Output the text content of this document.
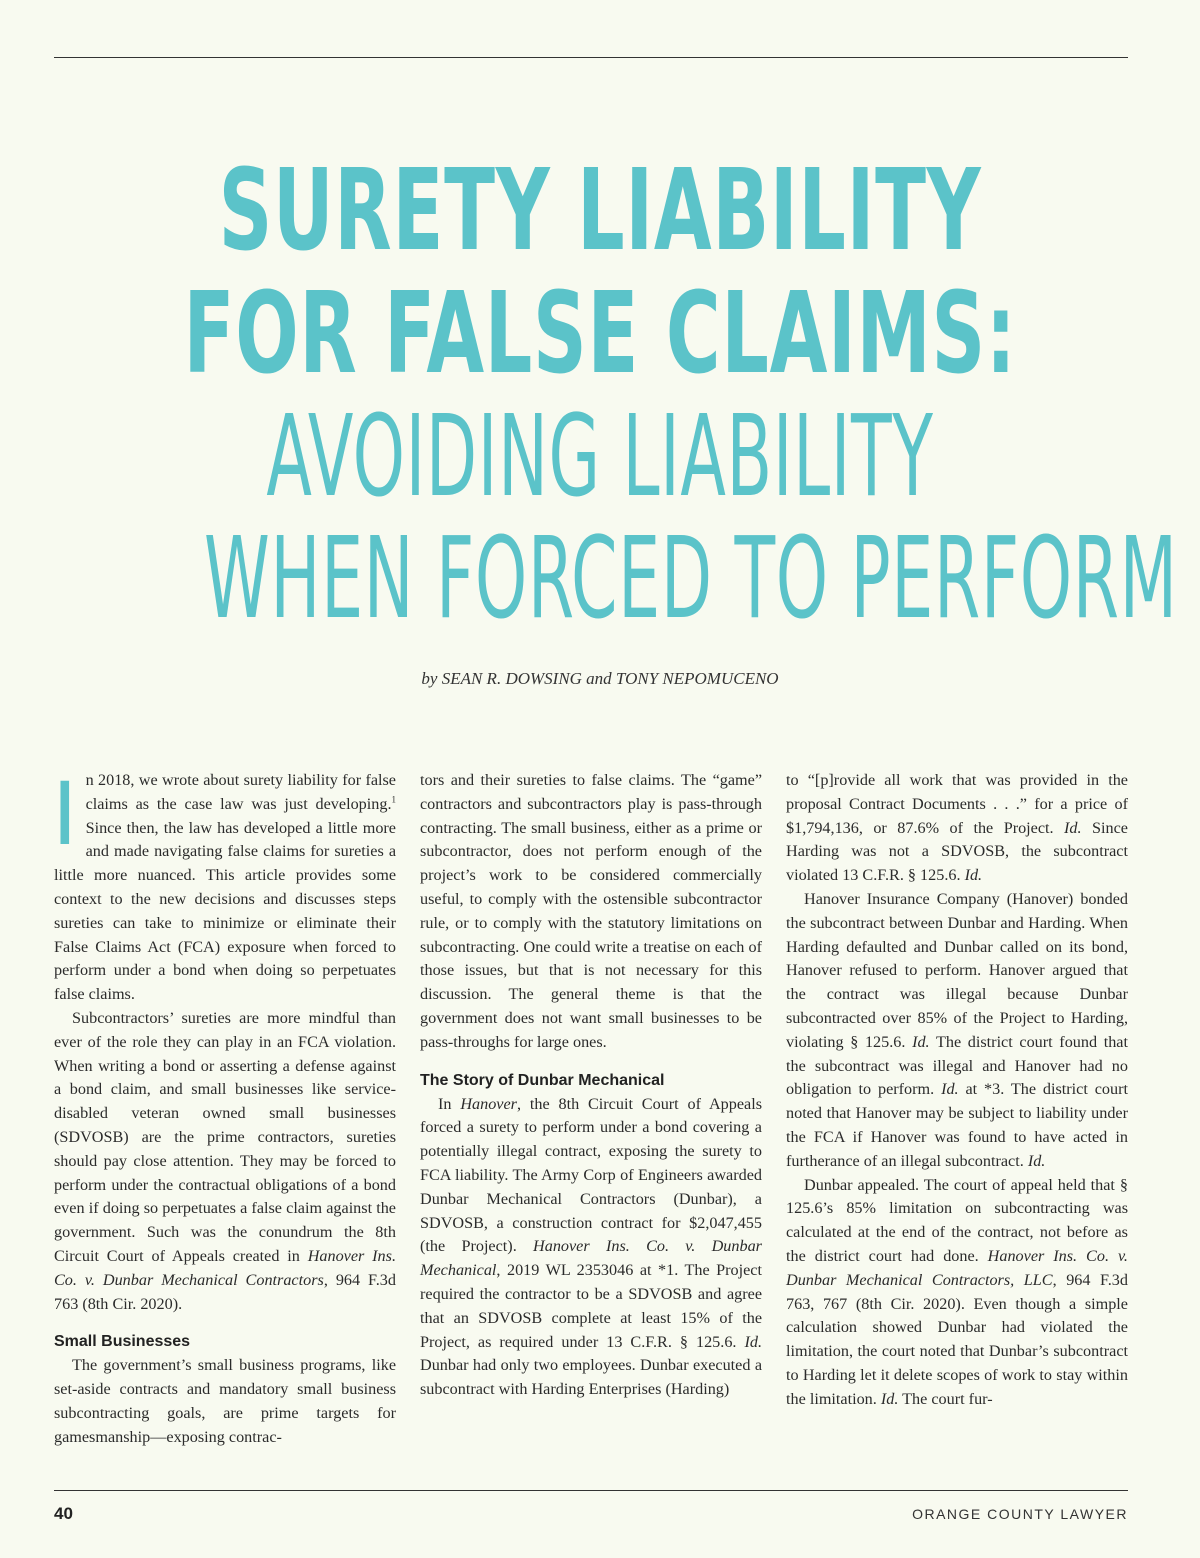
SURETY LIABILITY
FOR FALSE CLAIMS:
AVOIDING LIABILITY
WHEN FORCED TO PERFORM
by SEAN R. DOWSING and TONY NEPOMUCENO

In 2018, we wrote about surety liability for false claims as the case law was just developing.$^1$ Since then, the law has developed a little more and made navigating false claims for sureties a little more nuanced. This article provides some context to the new decisions and discusses steps sureties can take to minimize or eliminate their False Claims Act (FCA) exposure when forced to perform under a bond when doing so perpetuates false claims.

Subcontractors’ sureties are more mindful than ever of the role they can play in an FCA violation. When writing a bond or asserting a defense against a bond claim, and small businesses like service-disabled veteran owned small businesses (SDVOSB) are the prime contractors, sureties should pay close attention. They may be forced to perform under the contractual obligations of a bond even if doing so perpetuates a false claim against the government. Such was the conundrum the 8th Circuit Court of Appeals created in Hanover Ins. Co. v. Dunbar Mechanical Contractors, 964 F.3d 763 (8th Cir. 2020).

Small Businesses

The government’s small business programs, like set-aside contracts and mandatory small business subcontracting goals, are prime targets for gamesmanship—exposing contrac-

tors and their sureties to false claims. The “game” contractors and subcontractors play is pass-through contracting. The small business, either as a prime or subcontractor, does not perform enough of the project’s work to be considered commercially useful, to comply with the ostensible subcontractor rule, or to comply with the statutory limitations on subcontracting. One could write a treatise on each of those issues, but that is not necessary for this discussion. The general theme is that the government does not want small businesses to be pass-throughs for large ones.

The Story of Dunbar Mechanical

In Hanover, the 8th Circuit Court of Appeals forced a surety to perform under a bond covering a potentially illegal contract, exposing the surety to FCA liability. The Army Corp of Engineers awarded Dunbar Mechanical Contractors (Dunbar), a SDVOSB, a construction contract for $2,047,455 (the Project). Hanover Ins. Co. v. Dunbar Mechanical, 2019 WL 2353046 at *1. The Project required the contractor to be a SDVOSB and agree that an SDVOSB complete at least 15% of the Project, as required under 13 C.F.R. § 125.6. Id. Dunbar had only two employees. Dunbar executed a subcontract with Harding Enterprises (Harding)

to “[p]rovide all work that was provided in the proposal Contract Documents . . .” for a price of $1,794,136, or 87.6% of the Project. Id. Since Harding was not a SDVOSB, the subcontract violated 13 C.F.R. § 125.6. Id.

Hanover Insurance Company (Hanover) bonded the subcontract between Dunbar and Harding. When Harding defaulted and Dunbar called on its bond, Hanover refused to perform. Hanover argued that the contract was illegal because Dunbar subcontracted over 85% of the Project to Harding, violating § 125.6. Id. The district court found that the subcontract was illegal and Hanover had no obligation to perform. Id. at *3. The district court noted that Hanover may be subject to liability under the FCA if Hanover was found to have acted in furtherance of an illegal subcontract. Id.

Dunbar appealed. The court of appeal held that § 125.6’s 85% limitation on subcontracting was calculated at the end of the contract, not before as the district court had done. Hanover Ins. Co. v. Dunbar Mechanical Contractors, LLC, 964 F.3d 763, 767 (8th Cir. 2020). Even though a simple calculation showed Dunbar had violated the limitation, the court noted that Dunbar’s subcontract to Harding let it delete scopes of work to stay within the limitation. Id. The court fur-

40	ORANGE COUNTY LAWYER
